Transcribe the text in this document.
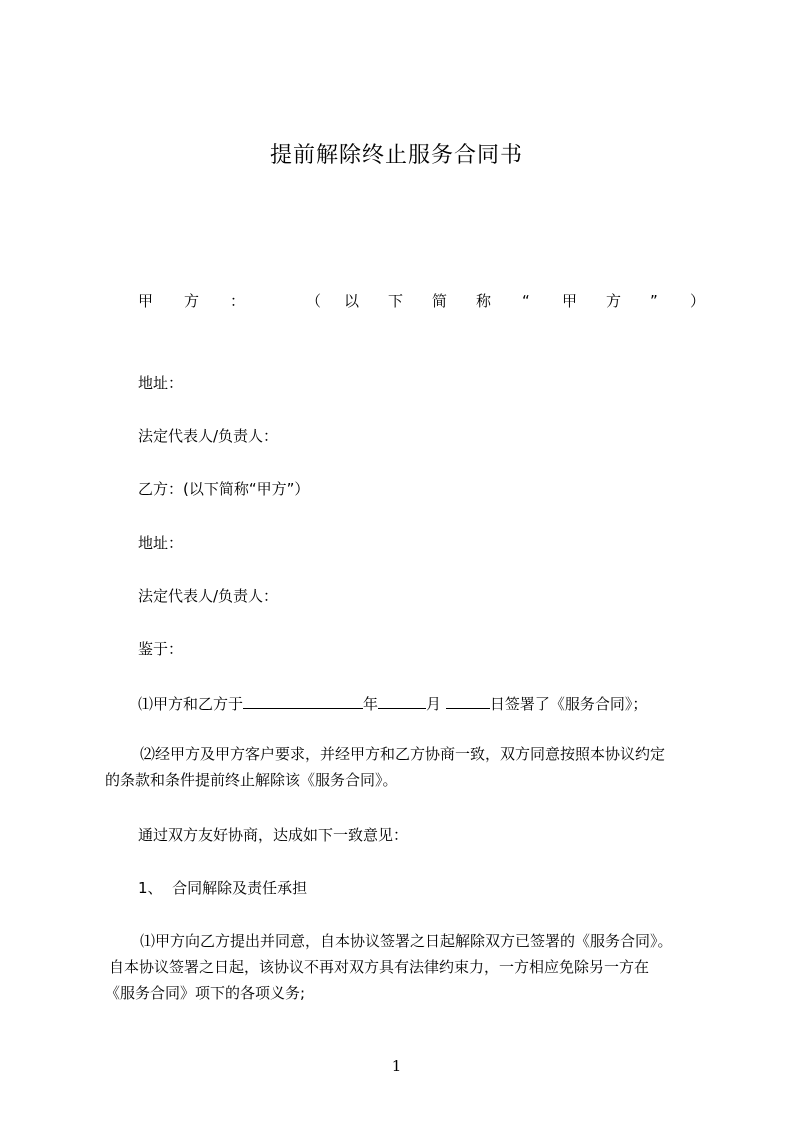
提前解除终止服务合同书
甲 方 ：	（ 以 下 简 称 “ 甲 方 ” ）
地址：
法定代表人/负责人：
乙方：(以下简称“甲方”）
地址：
法定代表人/负责人：
鉴于：
⑴甲方和乙方于	年	月	日签署了《服务合同》；
⑵经甲方及甲方客户要求，并经甲方和乙方协商一致，双方同意按照本协议约定
的条款和条件提前终止解除该《服务合同》。
通过双方友好协商，达成如下一致意见：
1、  合同解除及责任承担
⑴甲方向乙方提出并同意，自本协议签署之日起解除双方已签署的《服务合同》。
自本协议签署之日起，该协议不再对双方具有法律约束力，一方相应免除另一方在
《服务合同》项下的各项义务;
1
